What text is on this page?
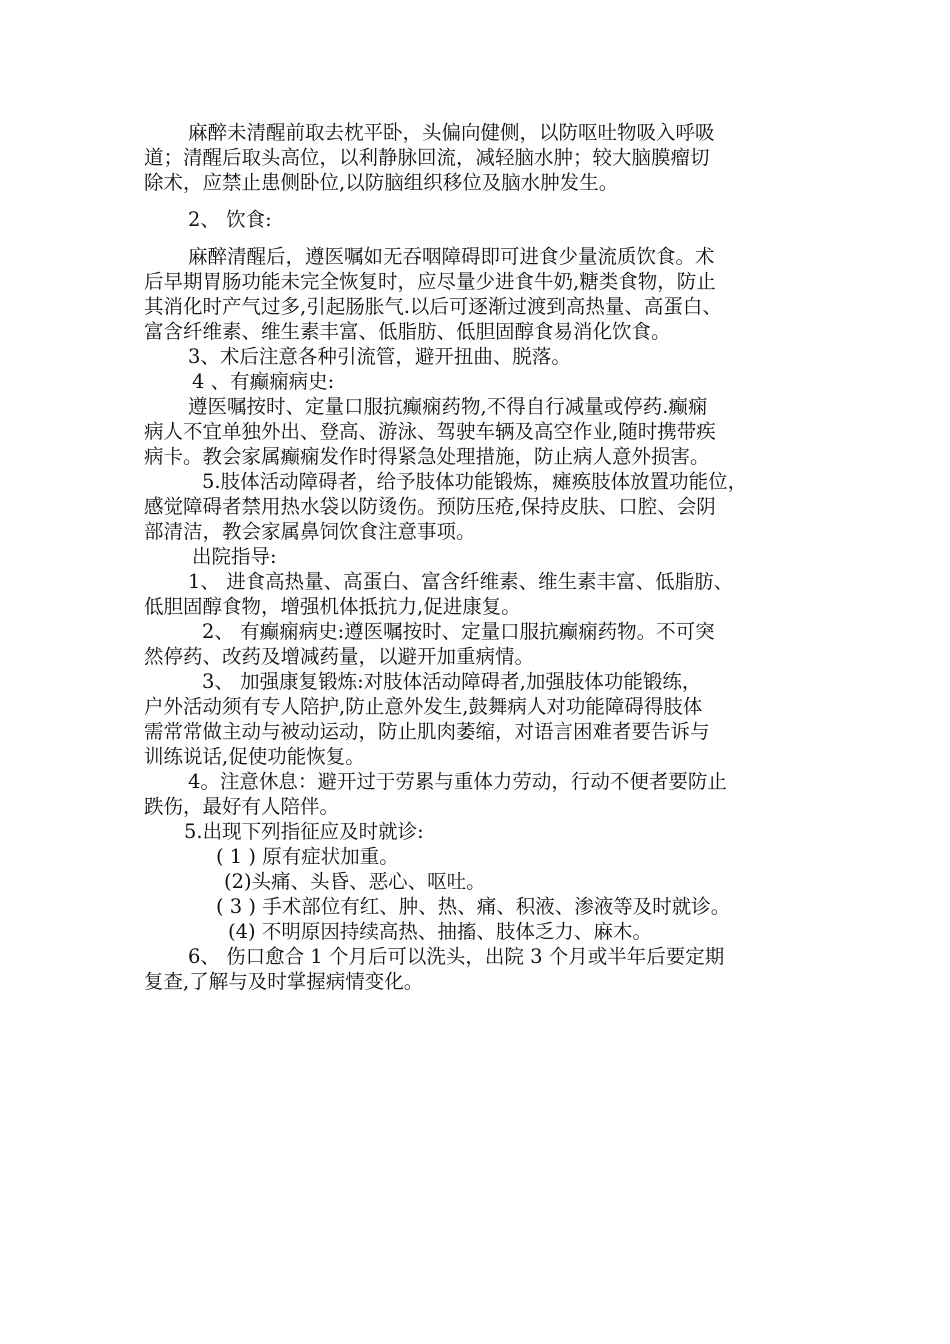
麻醉未清醒前取去枕平卧，头偏向健侧，以防呕吐物吸入呼吸

道；清醒后取头高位，以利静脉回流，减轻脑水肿；较大脑膜瘤切

除术，应禁止患侧卧位,以防脑组织移位及脑水肿发生。

2、 饮食:

麻醉清醒后，遵医嘱如无吞咽障碍即可进食少量流质饮食。术

后早期胃肠功能未完全恢复时，应尽量少进食牛奶,糖类食物，防止

其消化时产气过多,引起肠胀气.以后可逐渐过渡到高热量、高蛋白、

富含纤维素、维生素丰富、低脂肪、低胆固醇食易消化饮食。

3、术后注意各种引流管，避开扭曲、脱落。

4 、有癫痫病史:

遵医嘱按时、定量口服抗癫痫药物,不得自行减量或停药.癫痫

病人不宜单独外出、登高、游泳、驾驶车辆及高空作业,随时携带疾

病卡。教会家属癫痫发作时得紧急处理措施，防止病人意外损害。

5.肢体活动障碍者，给予肢体功能锻炼，瘫痪肢体放置功能位，

感觉障碍者禁用热水袋以防烫伤。预防压疮,保持皮肤、口腔、会阴

部清洁，教会家属鼻饲饮食注意事项。

出院指导:

1、 进食高热量、高蛋白、富含纤维素、维生素丰富、低脂肪、

低胆固醇食物，增强机体抵抗力,促进康复。

2、 有癫痫病史:遵医嘱按时、定量口服抗癫痫药物。不可突

然停药、改药及增减药量，以避开加重病情。

3、 加强康复锻炼:对肢体活动障碍者,加强肢体功能锻练，

户外活动须有专人陪护,防止意外发生,鼓舞病人对功能障碍得肢体

需常常做主动与被动运动，防止肌肉萎缩，对语言困难者要告诉与

训练说话,促使功能恢复。

4。注意休息：避开过于劳累与重体力劳动，行动不便者要防止

跌伤，最好有人陪伴。

5.出现下列指征应及时就诊:

( 1 ) 原有症状加重。

(2)头痛、头昏、恶心、呕吐。

( 3 ) 手术部位有红、肿、热、痛、积液、渗液等及时就诊。

(4) 不明原因持续高热、抽搐、肢体乏力、麻木。

6、 伤口愈合 1 个月后可以洗头，出院 3 个月或半年后要定期

复查,了解与及时掌握病情变化。
